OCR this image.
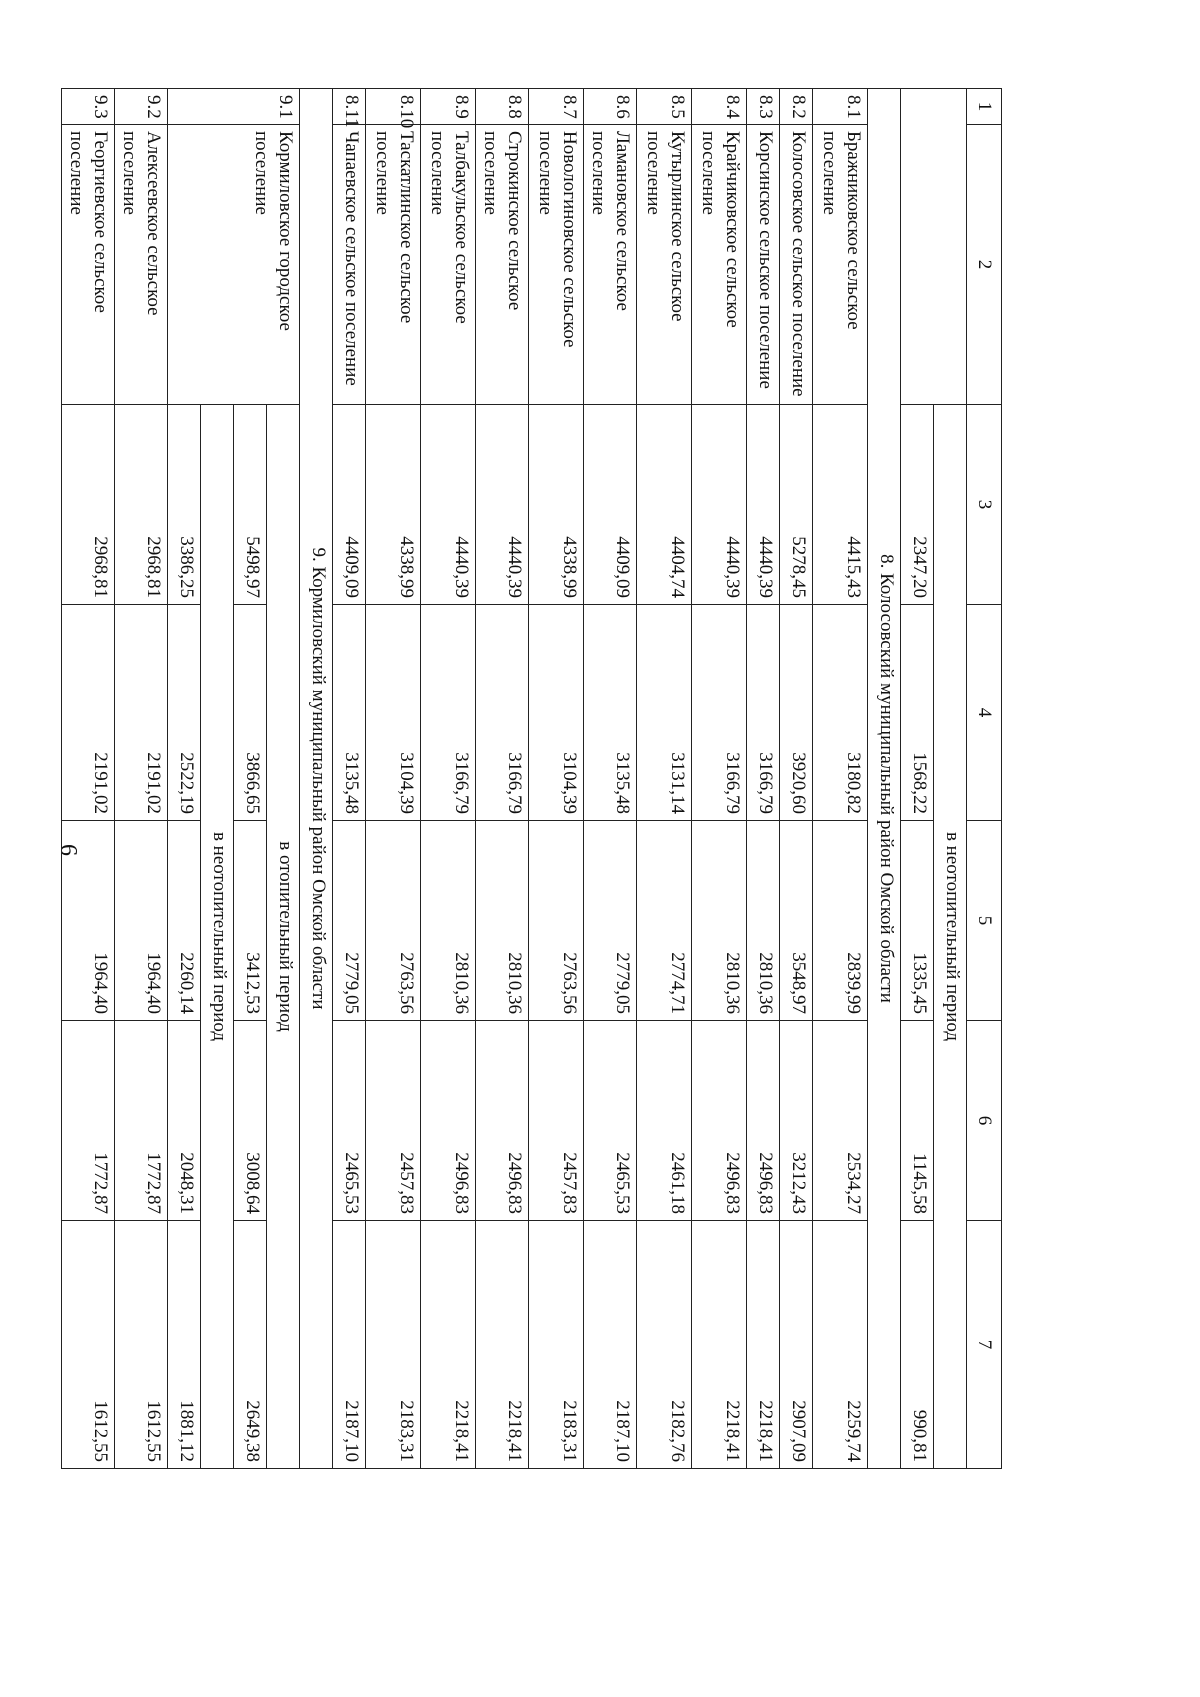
6
1	2	3	4	5	6	7
		в неотопительный период				
		2347,20	1568,22	1335,45	1145,58	990,81
8. Колосовский муниципальный район Омской области						
8.1	Бражниковское сельское поселение	4415,43	3180,82	2839,99	2534,27	2259,74
8.2	Колосовское сельское поселение	5278,45	3920,60	3548,97	3212,43	2907,09
8.3	Корсинское сельское поселение	4440,39	3166,79	2810,36	2496,83	2218,41
8.4	Крайчиковское сельское поселение	4440,39	3166,79	2810,36	2496,83	2218,41
8.5	Кутырлинское сельское поселение	4404,74	3131,14	2774,71	2461,18	2182,76
8.6	Ламановское сельское поселение	4409,09	3135,48	2779,05	2465,53	2187,10
8.7	Новологиновское сельское поселение	4338,99	3104,39	2763,56	2457,83	2183,31
8.8	Строкинское сельское поселение	4440,39	3166,79	2810,36	2496,83	2218,41
8.9	Талбакульское сельское поселение	4440,39	3166,79	2810,36	2496,83	2218,41
8.10	Таскатлинское сельское поселение	4338,99	3104,39	2763,56	2457,83	2183,31
8.11	Чапаевское сельское поселение	4409,09	3135,48	2779,05	2465,53	2187,10
9. Кормиловский муниципальный район Омской области						
9.1	Кормиловское городское поселение	в отопительный период				
		5498,97	3866,65	3412,53	3008,64	2649,38
		в неотопительный период				
		3386,25	2522,19	2260,14	2048,31	1881,12
9.2	Алексеевское сельское поселение	2968,81	2191,02	1964,40	1772,87	1612,55
9.3	Георгиевское сельское поселение	2968,81	2191,02	1964,40	1772,87	1612,55
